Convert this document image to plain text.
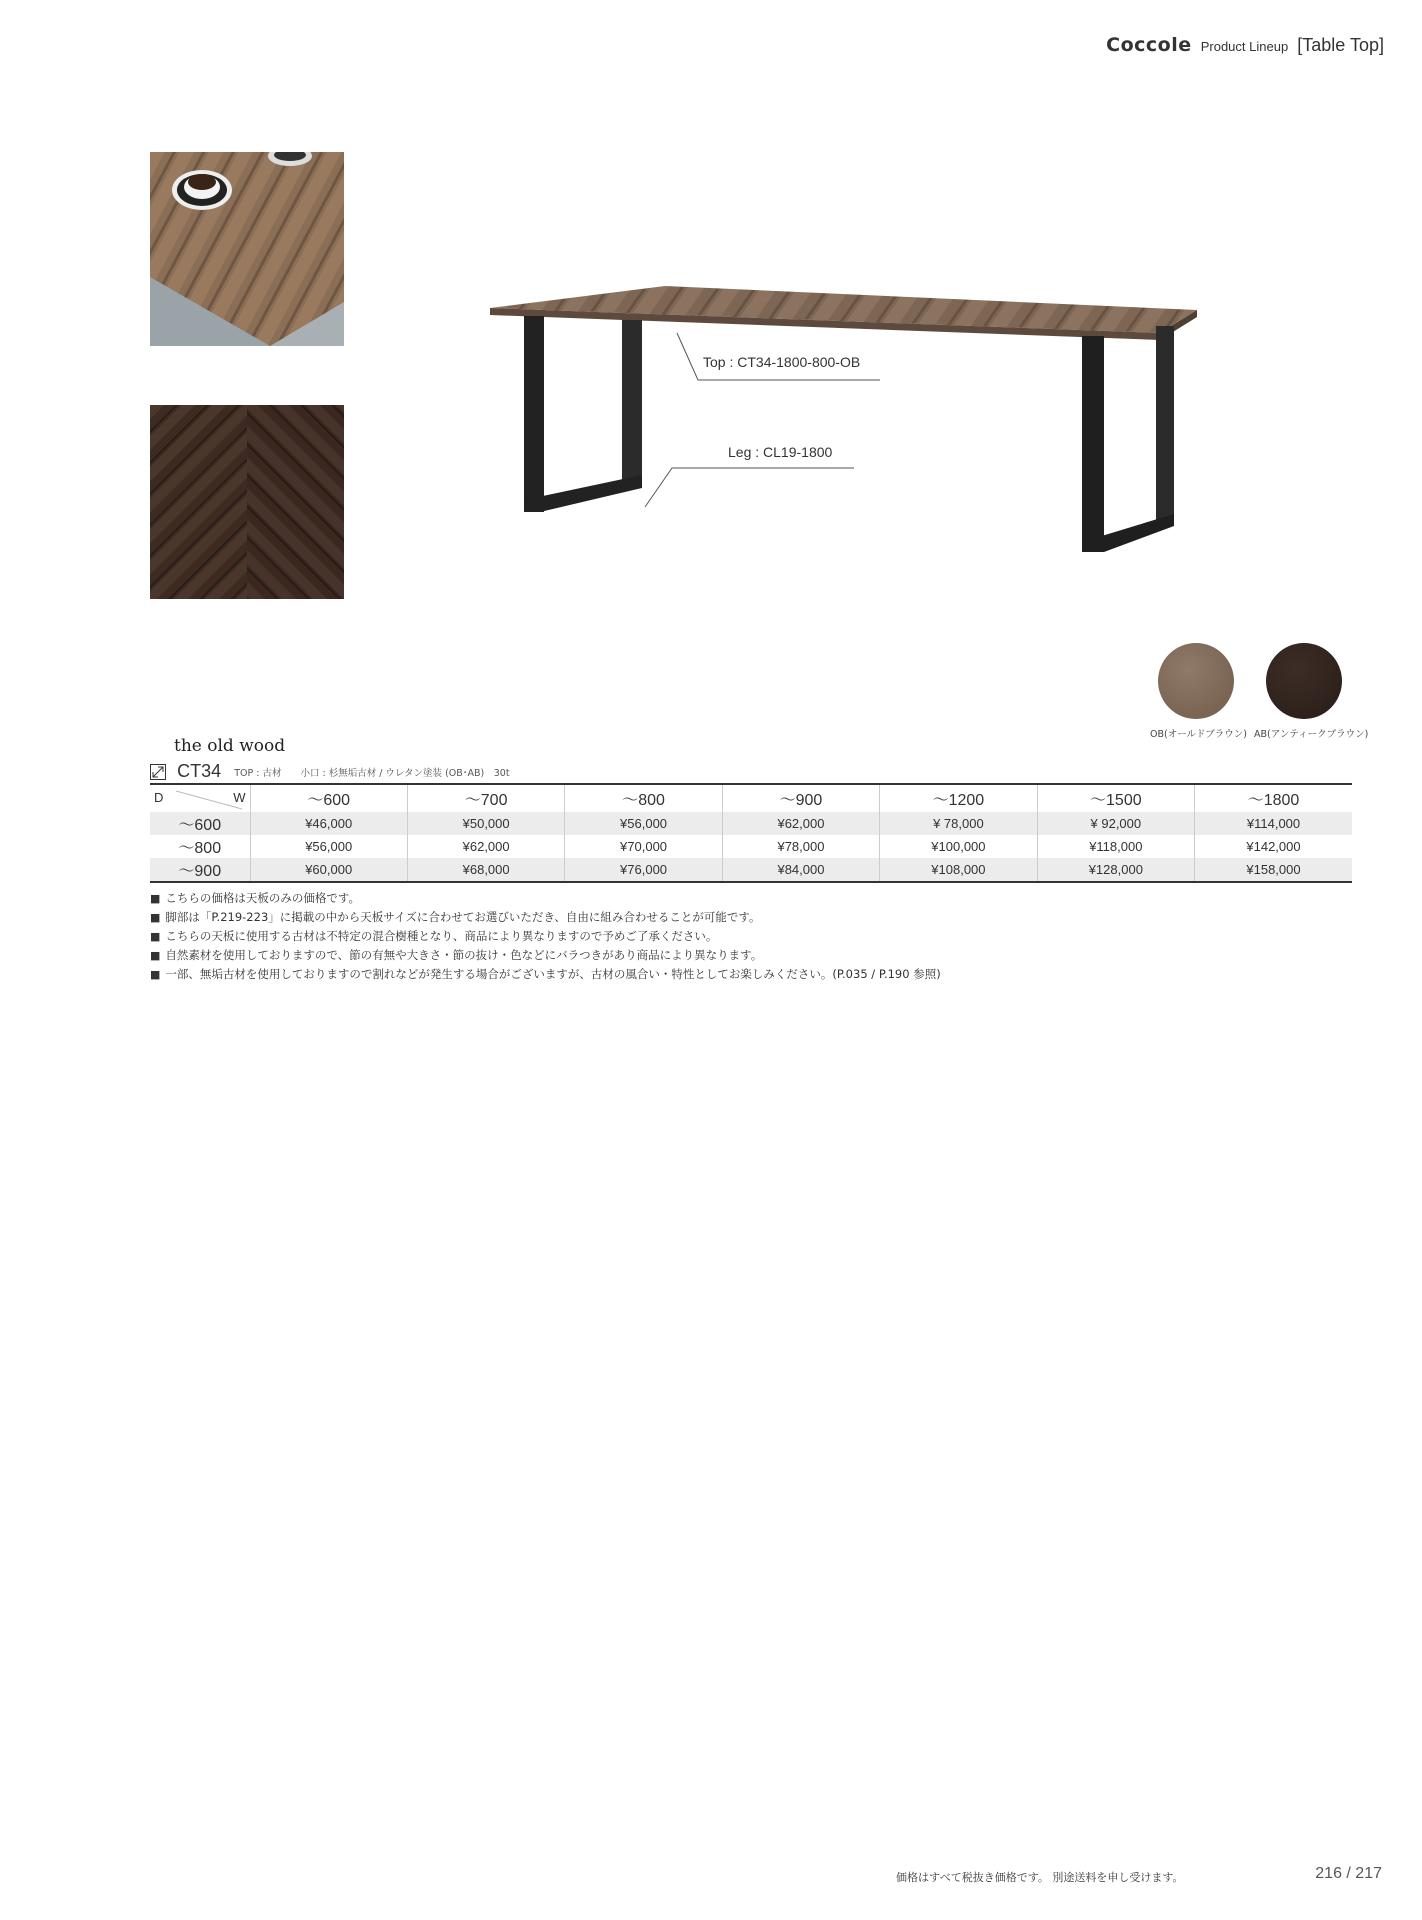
Coccole Product Lineup [Table Top]
Top : CT34-1800-800-OB
Leg : CL19-1800
OB(オールドブラウン) AB(アンティークブラウン)
the old wood
CT34 TOP : 古材　　小口 : 杉無垢古材 / ウレタン塗装 (OB･AB)　30t
D W	～600	～700	～800	～900	～1200	～1500	～1800
～600	¥46,000	¥50,000	¥56,000	¥62,000	¥ 78,000	¥ 92,000	¥114,000
～800	¥56,000	¥62,000	¥70,000	¥78,000	¥100,000	¥118,000	¥142,000
～900	¥60,000	¥68,000	¥76,000	¥84,000	¥108,000	¥128,000	¥158,000
■ こちらの価格は天板のみの価格です。
■ 脚部は「P.219-223」に掲載の中から天板サイズに合わせてお選びいただき、自由に組み合わせることが可能です。
■ こちらの天板に使用する古材は不特定の混合樹種となり、商品により異なりますので予めご了承ください。
■ 自然素材を使用しておりますので、節の有無や大きさ・節の抜け・色などにバラつきがあり商品により異なります。
■ 一部、無垢古材を使用しておりますので割れなどが発生する場合がございますが、古材の風合い・特性としてお楽しみください。(P.035 / P.190 参照)
価格はすべて税抜き価格です。 別途送料を申し受けます。	216 / 217
